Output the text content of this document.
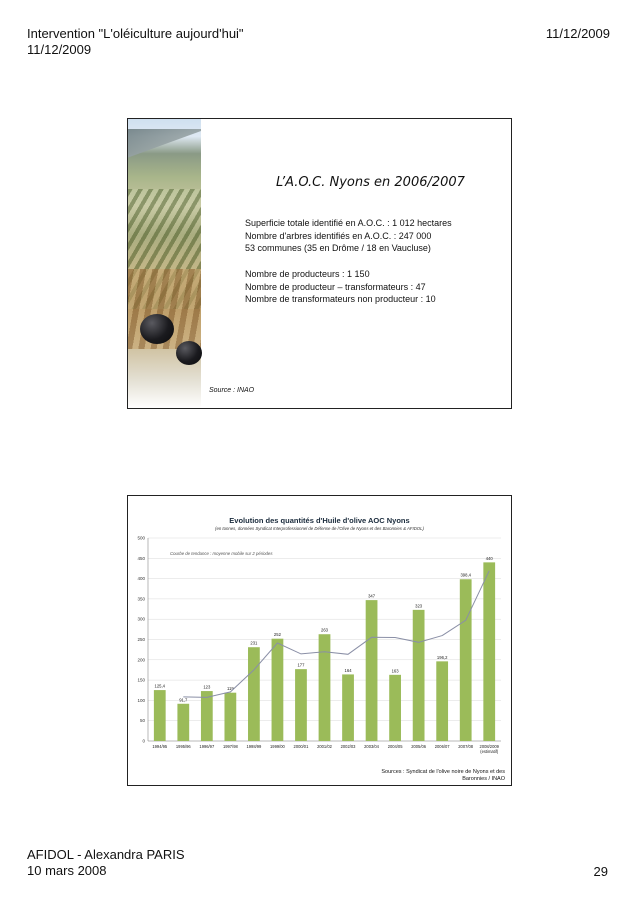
Intervention "L'oléiculture aujourd'hui"
11/12/2009
11/12/2009
L’A.O.C. Nyons en 2006/2007
Superficie totale identifié en A.O.C. : 1 012 hectares
Nombre d'arbres identifiés en A.O.C. : 247 000
53 communes (35 en Drôme / 18 en Vaucluse)
Nombre de producteurs : 1 150
Nombre de producteur – transformateurs : 47
Nombre de transformateurs non producteur : 10
Source : INAO
Evolution des quantités d'Huile d'olive AOC Nyons
(en tonnes, données Syndicat Interprofessionnel de Défense de l'Olive de Nyons et des Baronnies & AFIDOL)
0
50
100
150
200
250
300
350
400
450
500
Courbe de tendance : moyenne mobile sur 2 périodes
125,4
1994/95
91,7
1995/96
123
1996/97
119
1997/98
231
1998/99
252
1999/00
177
2000/01
263
2001/02
164
2002/03
347
2003/04
163
2004/05
323
2005/06
196,2
2006/07
398,4
2007/08
440
2008/2009
(estimatif)
Sources : Syndicat de l'olive noire de Nyons et des
Baronnies / INAO
AFIDOL - Alexandra PARIS
10 mars 2008	29
